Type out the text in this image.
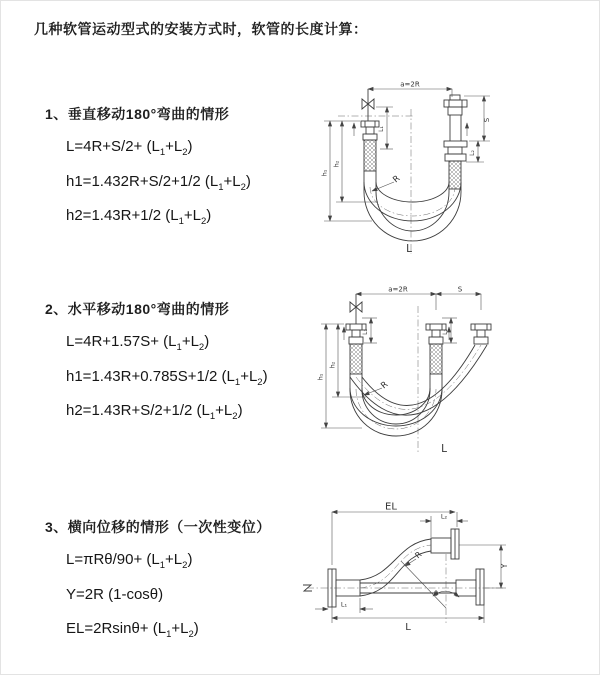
几种软管运动型式的安装方式时，软管的长度计算：
1、垂直移动180°弯曲的情形
$L=4R+S/2+ (L_1+L_2)$
h1=1.432R+S/2+1/2 $(L_1+L_2)$
h2=1.43R+1/2 $(L_1+L_2)$
a=2R
S
L₂
L₁
h₁
h₂
R
L
2、水平移动180°弯曲的情形
$L=4R+1.57S+ (L_1+L_2)$
h1=1.43R+0.785S+1/2 $(L_1+L_2)$
h2=1.43R+S/2+1/2 $(L_1+L_2)$
a=2R	S
L₁	L₂
h₁
h₂
R
L
3、横向位移的情形（一次性变位）
$L=\pi R\theta/90+ (L_1+L_2)$
Y=2R (1-cosθ)
$EL=2Rsin\theta+ (L_1+L_2)$
EL
L₂
Y
L
L₁
R
θ
